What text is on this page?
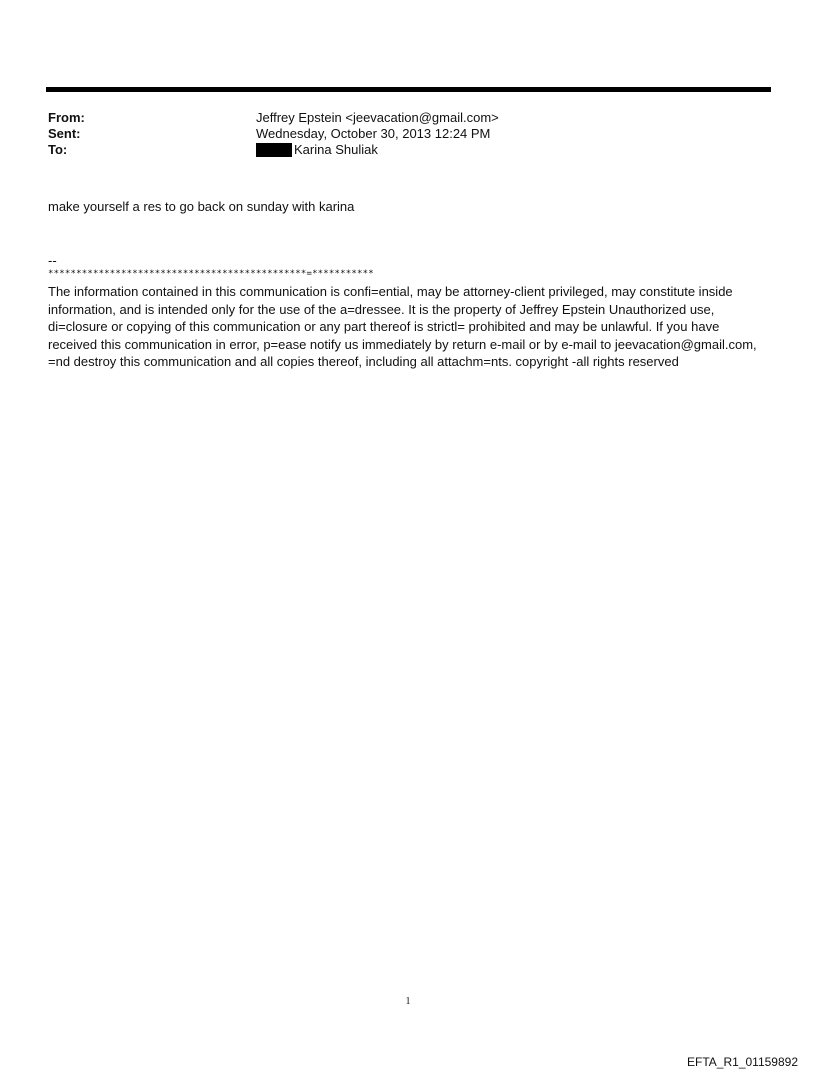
From:	Jeffrey Epstein <jeevacation@gmail.com>
Sent:	Wednesday, October 30, 2013 12:24 PM
To:	Karina Shuliak
make yourself a res to go back on sunday with karina
--
**********************************************=***********
The information contained in this communication is confi=ential, may be attorney-client privileged, may constitute inside information, and is intended only for the use of the a=dressee. It is the property of Jeffrey Epstein Unauthorized use, di=closure or copying of this communication or any part thereof is strictl= prohibited and may be unlawful. If you have received this communication in error, p=ease notify us immediately by return e-mail or by e-mail to jeevacation@gmail.com, =nd destroy this communication and all copies thereof, including all attachm=nts. copyright -all rights reserved
1
EFTA_R1_01159892
